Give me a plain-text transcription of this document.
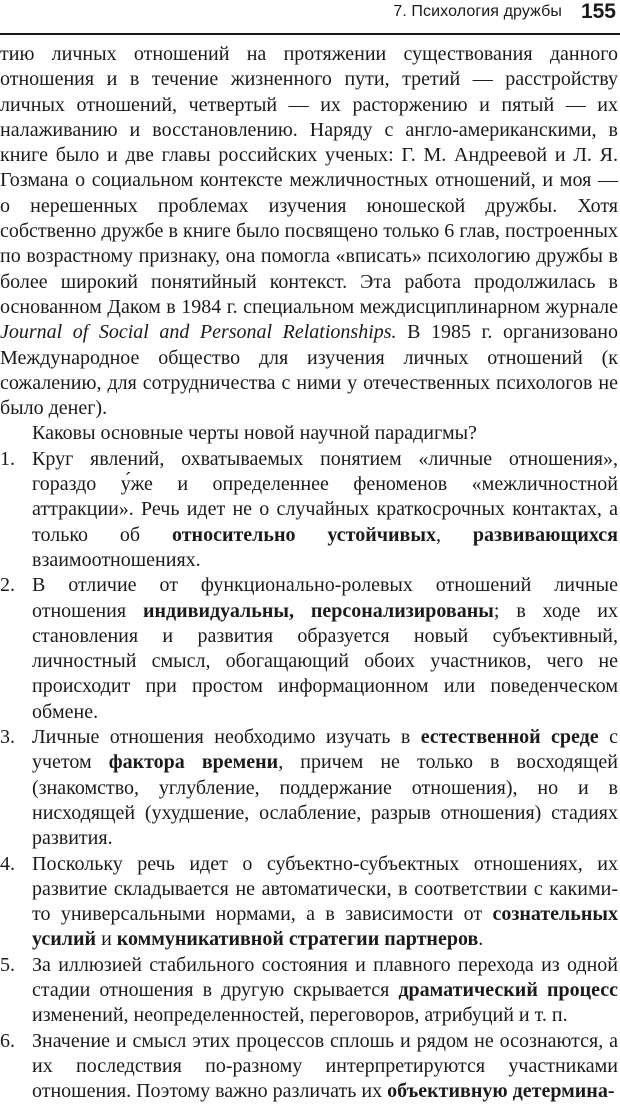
7. Психология дружбы 155

тию личных отношений на протяжении существования данного отношения и в течение жизненного пути, третий — расстройству личных отношений, четвертый — их расторжению и пятый — их налаживанию и восстановлению. Наряду с англо-американскими, в книге было и две главы российских ученых: Г. М. Андреевой и Л. Я. Гозмана о социальном контексте межличностных отношений, и моя — о нерешенных проблемах изучения юношеской дружбы. Хотя собственно дружбе в книге было посвящено только 6 глав, построенных по возрастному признаку, она помогла «вписать» психологию дружбы в более широкий понятийный контекст. Эта работа продолжилась в основанном Даком в 1984 г. специальном междисциплинарном журнале Journal of Social and Personal Relationships. В 1985 г. организовано Международное общество для изучения личных отношений (к сожалению, для сотрудничества с ними у отечественных психологов не было денег).

Каковы основные черты новой научной парадигмы?

1. Круг явлений, охватываемых понятием «личные отношения», гораздо у́же и определеннее феноменов «межличностной аттракции». Речь идет не о случайных краткосрочных контактах, а только об относительно устойчивых, развивающихся взаимоотношениях.
2. В отличие от функционально-ролевых отношений личные отношения индивидуальны, персонализированы; в ходе их становления и развития образуется новый субъективный, личностный смысл, обогащающий обоих участников, чего не происходит при простом информационном или поведенческом обмене.
3. Личные отношения необходимо изучать в естественной среде с учетом фактора времени, причем не только в восходящей (знакомство, углубление, поддержание отношения), но и в нисходящей (ухудшение, ослабление, разрыв отношения) стадиях развития.
4. Поскольку речь идет о субъектно-субъектных отношениях, их развитие складывается не автоматически, в соответствии с какими-то универсальными нормами, а в зависимости от сознательных усилий и коммуникативной стратегии партнеров.
5. За иллюзией стабильного состояния и плавного перехода из одной стадии отношения в другую скрывается драматический процесс изменений, неопределенностей, переговоров, атрибуций и т. п.
6. Значение и смысл этих процессов сплошь и рядом не осознаются, а их последствия по-разному интерпретируются участниками отношения. Поэтому важно различать их объективную детермина-
